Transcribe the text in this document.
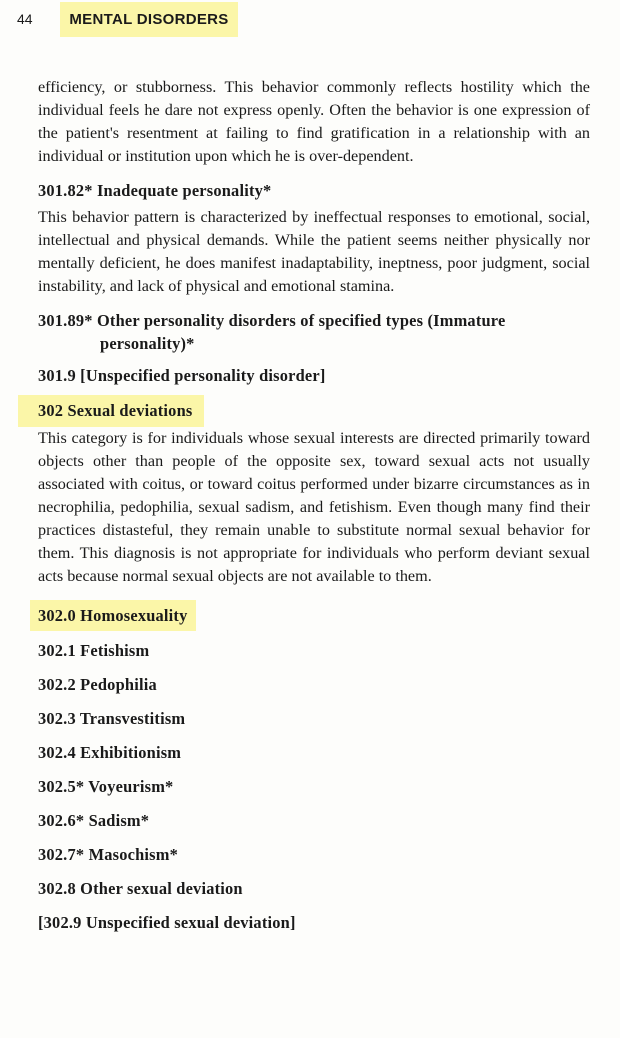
44	MENTAL DISORDERS

efficiency, or stubborness. This behavior commonly reflects hostility which the individual feels he dare not express openly. Often the behavior is one expression of the patient's resentment at failing to find gratification in a relationship with an individual or institution upon which he is over-dependent.

301.82* Inadequate personality*

This behavior pattern is characterized by ineffectual responses to emotional, social, intellectual and physical demands. While the patient seems neither physically nor mentally deficient, he does manifest inadaptability, ineptness, poor judgment, social instability, and lack of physical and emotional stamina.

301.89* Other personality disorders of specified types (Immature personality)*
301.9 [Unspecified personality disorder]
302 Sexual deviations

This category is for individuals whose sexual interests are directed primarily toward objects other than people of the opposite sex, toward sexual acts not usually associated with coitus, or toward coitus performed under bizarre circumstances as in necrophilia, pedophilia, sexual sadism, and fetishism. Even though many find their practices distasteful, they remain unable to substitute normal sexual behavior for them. This diagnosis is not appropriate for individuals who perform deviant sexual acts because normal sexual objects are not available to them.

302.0 Homosexuality
302.1 Fetishism
302.2 Pedophilia
302.3 Transvestitism
302.4 Exhibitionism
302.5* Voyeurism*
302.6* Sadism*
302.7* Masochism*
302.8 Other sexual deviation
[302.9 Unspecified sexual deviation]
